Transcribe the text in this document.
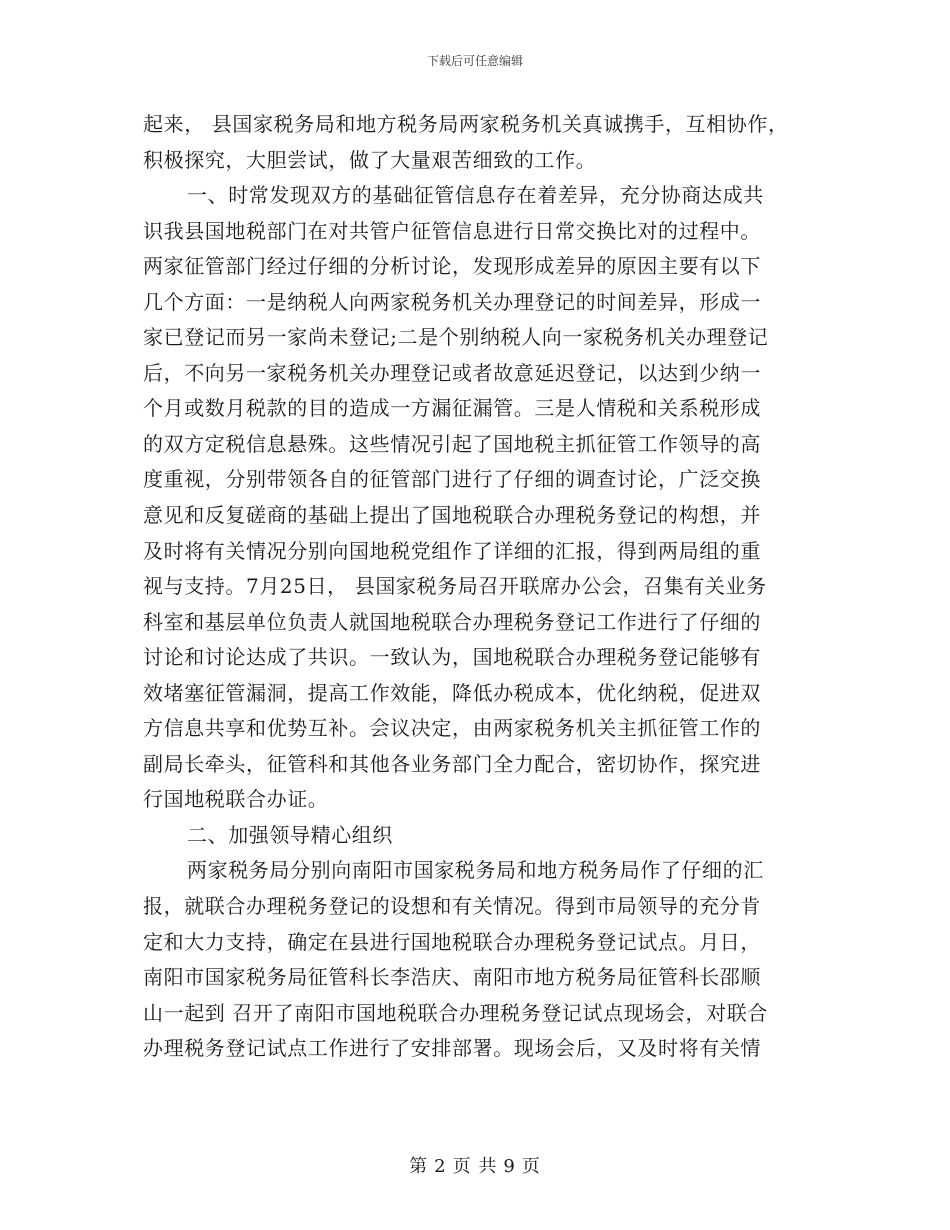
下载后可任意编辑
起来， 县国家税务局和地方税务局两家税务机关真诚携手，互相协作，
积极探究，大胆尝试，做了大量艰苦细致的工作。
一、时常发现双方的基础征管信息存在着差异，充分协商达成共
识我县国地税部门在对共管户征管信息进行日常交换比对的过程中。
两家征管部门经过仔细的分析讨论，发现形成差异的原因主要有以下
几个方面：一是纳税人向两家税务机关办理登记的时间差异，形成一
家已登记而另一家尚未登记;二是个别纳税人向一家税务机关办理登记
后，不向另一家税务机关办理登记或者故意延迟登记，以达到少纳一
个月或数月税款的目的造成一方漏征漏管。三是人情税和关系税形成
的双方定税信息悬殊。这些情况引起了国地税主抓征管工作领导的高
度重视，分别带领各自的征管部门进行了仔细的调查讨论，广泛交换
意见和反复磋商的基础上提出了国地税联合办理税务登记的构想，并
及时将有关情况分别向国地税党组作了详细的汇报，得到两局组的重
视与支持。7月25日， 县国家税务局召开联席办公会，召集有关业务
科室和基层单位负责人就国地税联合办理税务登记工作进行了仔细的
讨论和讨论达成了共识。一致认为，国地税联合办理税务登记能够有
效堵塞征管漏洞，提高工作效能，降低办税成本，优化纳税，促进双
方信息共享和优势互补。会议决定，由两家税务机关主抓征管工作的
副局长牵头，征管科和其他各业务部门全力配合，密切协作，探究进
行国地税联合办证。
二、加强领导精心组织
两家税务局分别向南阳市国家税务局和地方税务局作了仔细的汇
报，就联合办理税务登记的设想和有关情况。得到市局领导的充分肯
定和大力支持，确定在县进行国地税联合办理税务登记试点。月日，
南阳市国家税务局征管科长李浩庆、南阳市地方税务局征管科长邵顺
山一起到 召开了南阳市国地税联合办理税务登记试点现场会，对联合
办理税务登记试点工作进行了安排部署。现场会后，又及时将有关情
第 2 页 共 9 页
